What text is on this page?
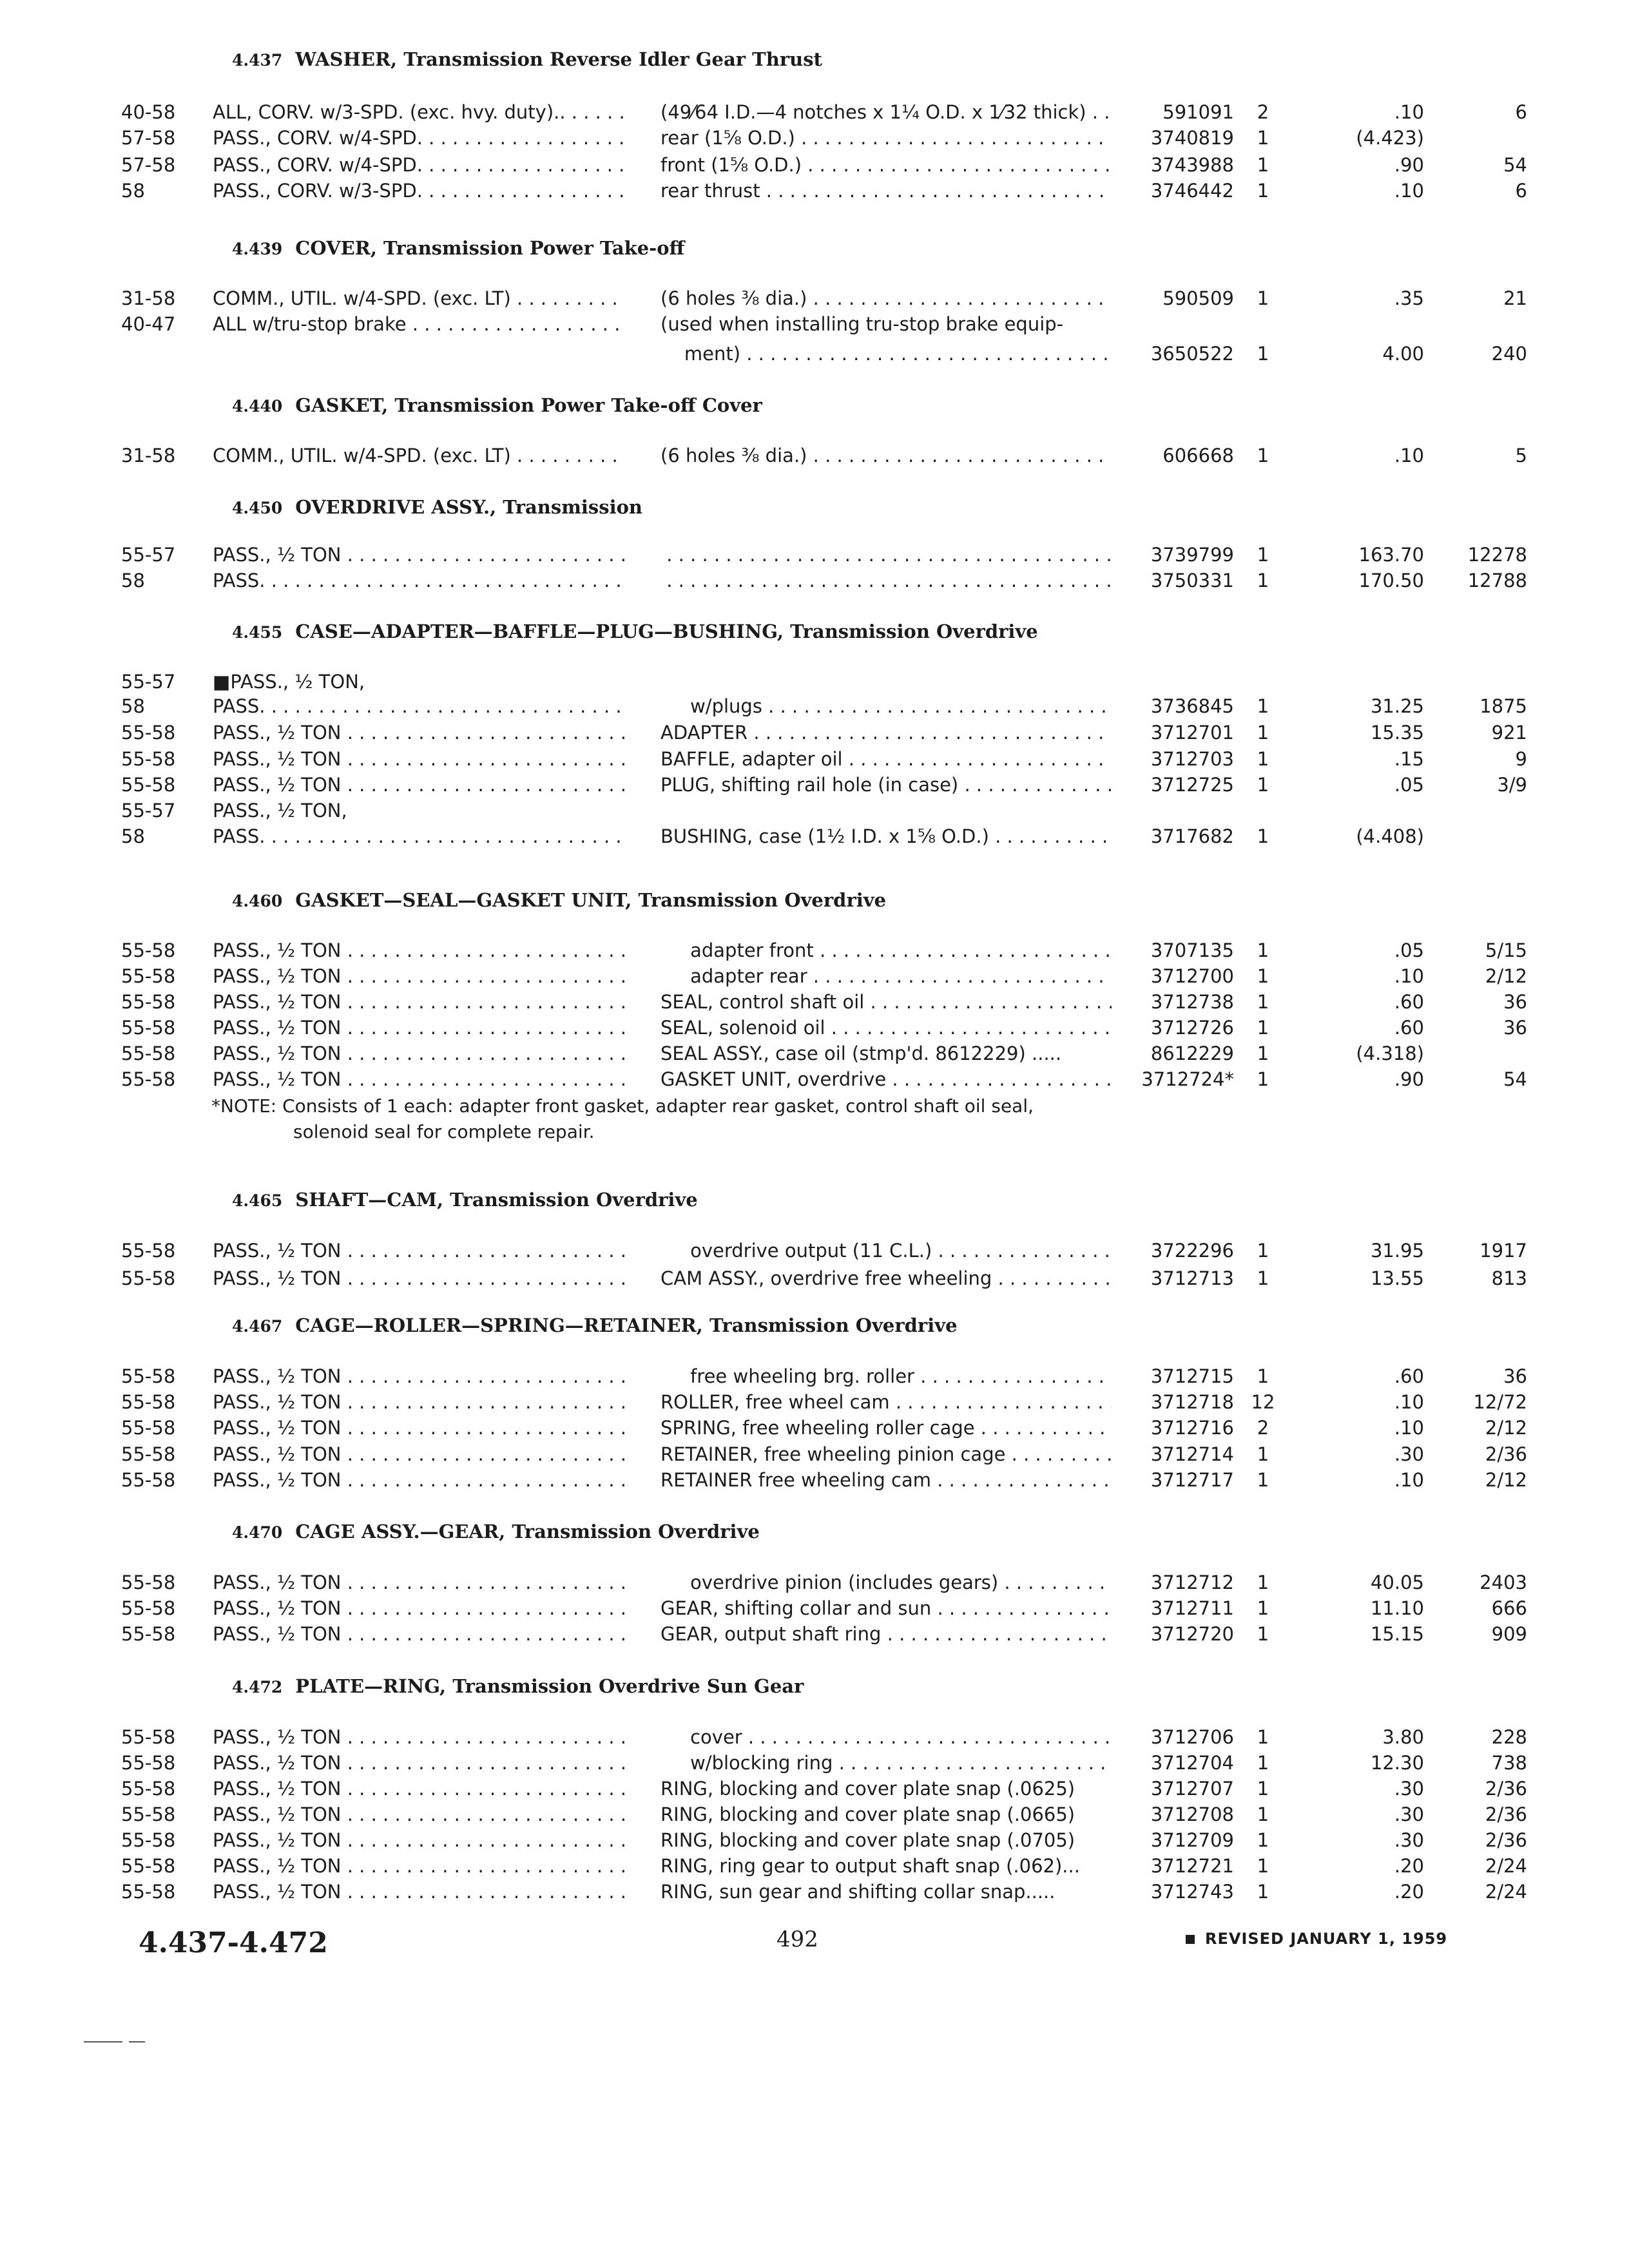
4.437 WASHER, Transmission Reverse Idler Gear Thrust
40-58 ALL, CORV. w/3-SPD. (exc. hvy. duty).. . . .	(49⁄64 I.D.—4 notches x 1¼ O.D. x 1⁄32 thick) . . .	591091	2	.10	6
57-58 PASS., CORV. w/4-SPD. . . .	rear (1⅝ O.D.) . . .	3740819	1	(4.423)
57-58 PASS., CORV. w/4-SPD. . . .	front (1⅝ O.D.) . . .	3743988	1	.90	54
58	PASS., CORV. w/3-SPD. . . .	rear thrust . . .	3746442	1	.10	6
4.439 COVER, Transmission Power Take-off
31-58 COMM., UTIL. w/4-SPD. (exc. LT) . . .	(6 holes ⅜ dia.) . . .	590509	1	.35	21
40-47 ALL w/tru-stop brake . . .	(used when installing tru-stop brake equip-
ment) . . .	3650522	1	4.00	240
4.440 GASKET, Transmission Power Take-off Cover
31-58 COMM., UTIL. w/4-SPD. (exc. LT) . . .	(6 holes ⅜ dia.) . . .	606668	1	.10	5
4.450 OVERDRIVE ASSY., Transmission
55-57 PASS., ½ TON . . . . . .	3739799	1	163.70	12278
58	PASS. . . . . . .	3750331	1	170.50	12788
4.455 CASE—ADAPTER—BAFFLE—PLUG—BUSHING, Transmission Overdrive
55-57 ■PASS., ½ TON,
58	PASS. . . .	w/plugs . . .	3736845	1	31.25	1875
55-58 PASS., ½ TON . . .	ADAPTER . . .	3712701	1	15.35	921
55-58 PASS., ½ TON . . .	BAFFLE, adapter oil . . .	3712703	1	.15	9
55-58 PASS., ½ TON . . .	PLUG, shifting rail hole (in case) . . .	3712725	1	.05	3/9
55-57 PASS., ½ TON,
58	PASS. . . .	BUSHING, case (1½ I.D. x 1⅝ O.D.) . . .	3717682	1	(4.408)
4.460 GASKET—SEAL—GASKET UNIT, Transmission Overdrive
55-58 PASS., ½ TON . . .	adapter front . . .	3707135	1	.05	5/15
55-58 PASS., ½ TON . . .	adapter rear . . .	3712700	1	.10	2/12
55-58 PASS., ½ TON . . .	SEAL, control shaft oil . . .	3712738	1	.60	36
55-58 PASS., ½ TON . . .	SEAL, solenoid oil . . .	3712726	1	.60	36
55-58 PASS., ½ TON . . .	SEAL ASSY., case oil (stmp'd. 8612229) .....	8612229	1	(4.318)
55-58 PASS., ½ TON . . .	GASKET UNIT, overdrive . . .	3712724*	1	.90	54
*NOTE: Consists of 1 each: adapter front gasket, adapter rear gasket, control shaft oil seal,
solenoid seal for complete repair.
4.465 SHAFT—CAM, Transmission Overdrive
55-58 PASS., ½ TON . . .	overdrive output (11 C.L.) . . .	3722296	1	31.95	1917
55-58 PASS., ½ TON . . .	CAM ASSY., overdrive free wheeling . . .	3712713	1	13.55	813
4.467 CAGE—ROLLER—SPRING—RETAINER, Transmission Overdrive
55-58 PASS., ½ TON . . .	free wheeling brg. roller . . .	3712715	1	.60	36
55-58 PASS., ½ TON . . .	ROLLER, free wheel cam . . .	3712718 12	.10	12/72
55-58 PASS., ½ TON . . .	SPRING, free wheeling roller cage . . .	3712716	2	.10	2/12
55-58 PASS., ½ TON . . .	RETAINER, free wheeling pinion cage . . .	3712714	1	.30	2/36
55-58 PASS., ½ TON . . .	RETAINER free wheeling cam . . .	3712717	1	.10	2/12
4.470 CAGE ASSY.—GEAR, Transmission Overdrive
55-58 PASS., ½ TON . . .	overdrive pinion (includes gears) . . .	3712712	1	40.05	2403
55-58 PASS., ½ TON . . .	GEAR, shifting collar and sun . . .	3712711	1	11.10	666
55-58 PASS., ½ TON . . .	GEAR, output shaft ring . . .	3712720	1	15.15	909
4.472 PLATE—RING, Transmission Overdrive Sun Gear
55-58 PASS., ½ TON . . .	cover . . .	3712706	1	3.80	228
55-58 PASS., ½ TON . . .	w/blocking ring . . .	3712704	1	12.30	738
55-58 PASS., ½ TON . . .	RING, blocking and cover plate snap (.0625)	3712707	1	.30	2/36
55-58 PASS., ½ TON . . .	RING, blocking and cover plate snap (.0665)	3712708	1	.30	2/36
55-58 PASS., ½ TON . . .	RING, blocking and cover plate snap (.0705)	3712709	1	.30	2/36
55-58 PASS., ½ TON . . .	RING, ring gear to output shaft snap (.062)...	3712721	1	.20	2/24
55-58 PASS., ½ TON . . .	RING, sun gear and shifting collar snap.....	3712743	1	.20	2/24
4.437-4.472	492	REVISED JANUARY 1, 1959
